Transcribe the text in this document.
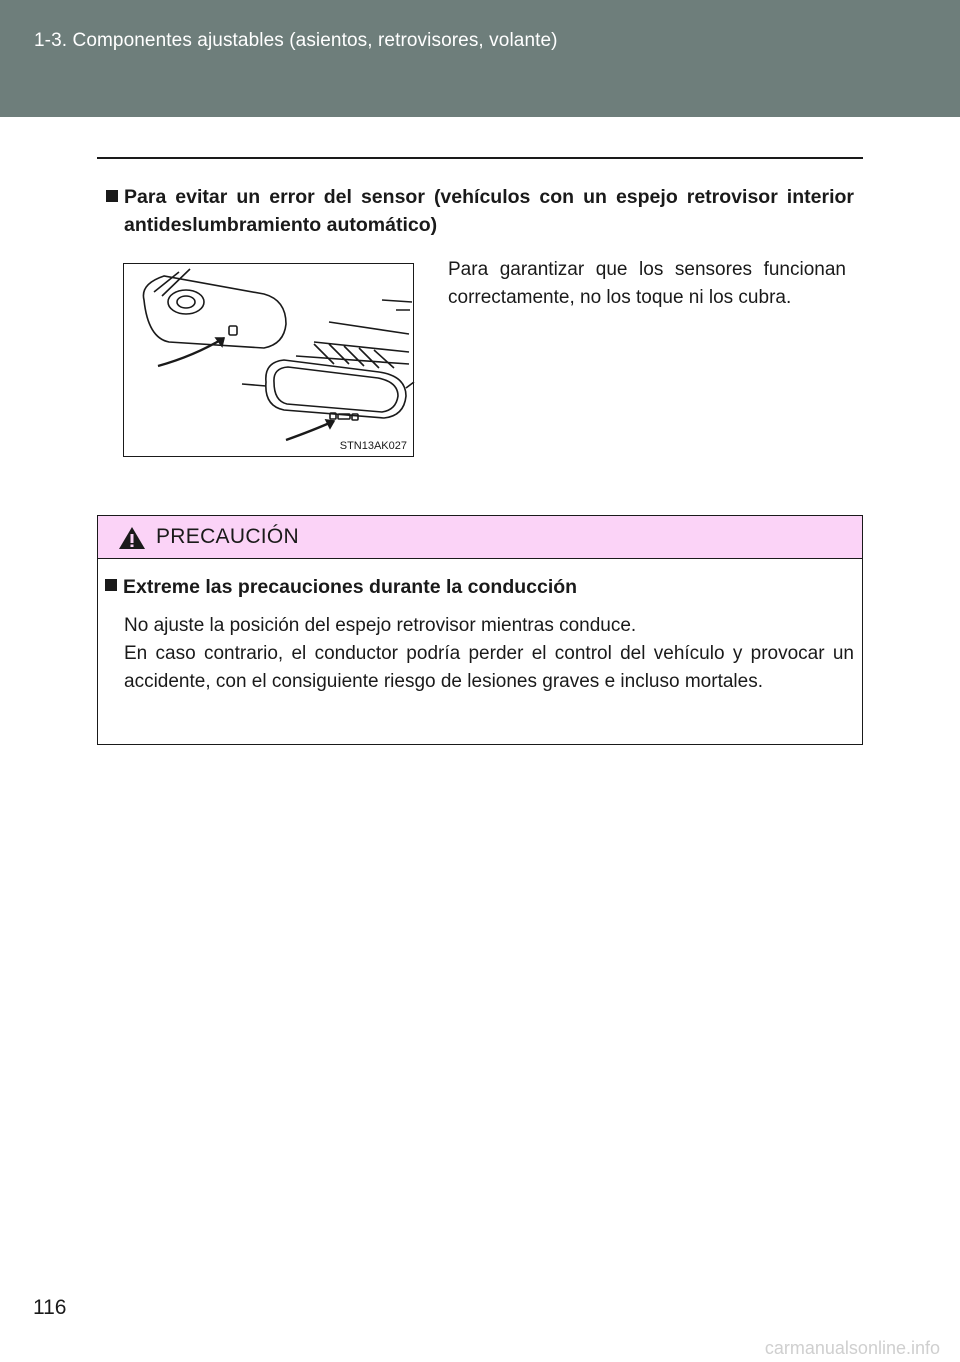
1-3. Componentes ajustables (asientos, retrovisores, volante)
Para evitar un error del sensor (vehículos con un espejo retrovisor interior antideslumbramiento automático)
STN13AK027
Para garantizar que los sensores funcionan correctamente, no los toque ni los cubra.
PRECAUCIÓN
Extreme las precauciones durante la conducción

No ajuste la posición del espejo retrovisor mientras conduce.

En caso contrario, el conductor podría perder el control del vehículo y provocar un accidente, con el consiguiente riesgo de lesiones graves e incluso mortales.

116
carmanualsonline.info
